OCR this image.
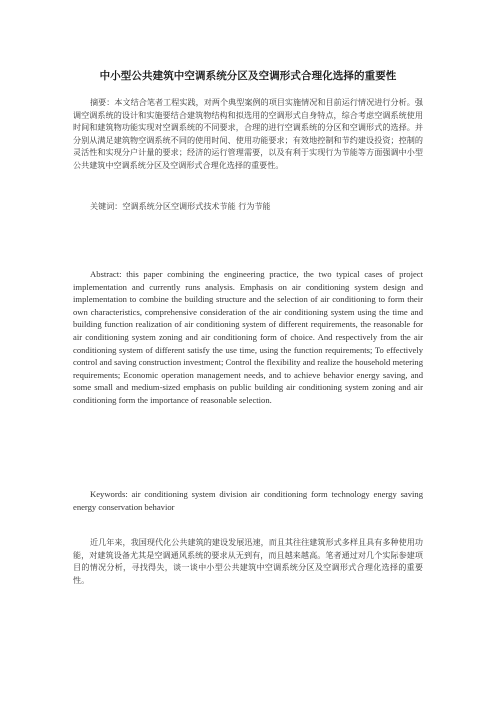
中小型公共建筑中空调系统分区及空调形式合理化选择的重要性
摘要：本文结合笔者工程实践，对两个典型案例的项目实施情况和目前运行情况进行分析。强调空调系统的设计和实施要结合建筑物结构和拟选用的空调形式自身特点，综合考虑空调系统使用时间和建筑物功能实现对空调系统的不同要求，合理的进行空调系统的分区和空调形式的选择。并分别从满足建筑物空调系统不同的使用时间、使用功能要求；有效地控制和节约建设投资；控制的灵活性和实现分户计量的要求；经济的运行管理需要，以及有利于实现行为节能等方面强调中小型公共建筑中空调系统分区及空调形式合理化选择的重要性。
关键词：空调系统分区空调形式技术节能 行为节能
Abstract: this paper combining the engineering practice, the two typical cases of project implementation and currently runs analysis. Emphasis on air conditioning system design and implementation to combine the building structure and the selection of air conditioning to form their own characteristics, comprehensive consideration of the air conditioning system using the time and building function realization of air conditioning system of different requirements, the reasonable for air conditioning system zoning and air conditioning form of choice. And respectively from the air conditioning system of different satisfy the use time, using the function requirements; To effectively control and saving construction investment; Control the flexibility and realize the household metering requirements; Economic operation management needs, and to achieve behavior energy saving, and some small and medium-sized emphasis on public building air conditioning system zoning and air conditioning form the importance of reasonable selection.
Keywords: air conditioning system division air conditioning form technology energy saving energy conservation behavior
近几年来，我国现代化公共建筑的建设发展迅速，而且其往往建筑形式多样且具有多种使用功能，对建筑设备尤其是空调通风系统的要求从无到有，而且越来越高。笔者通过对几个实际参建项目的情况分析，寻找得失，谈一谈中小型公共建筑中空调系统分区及空调形式合理化选择的重要性。
